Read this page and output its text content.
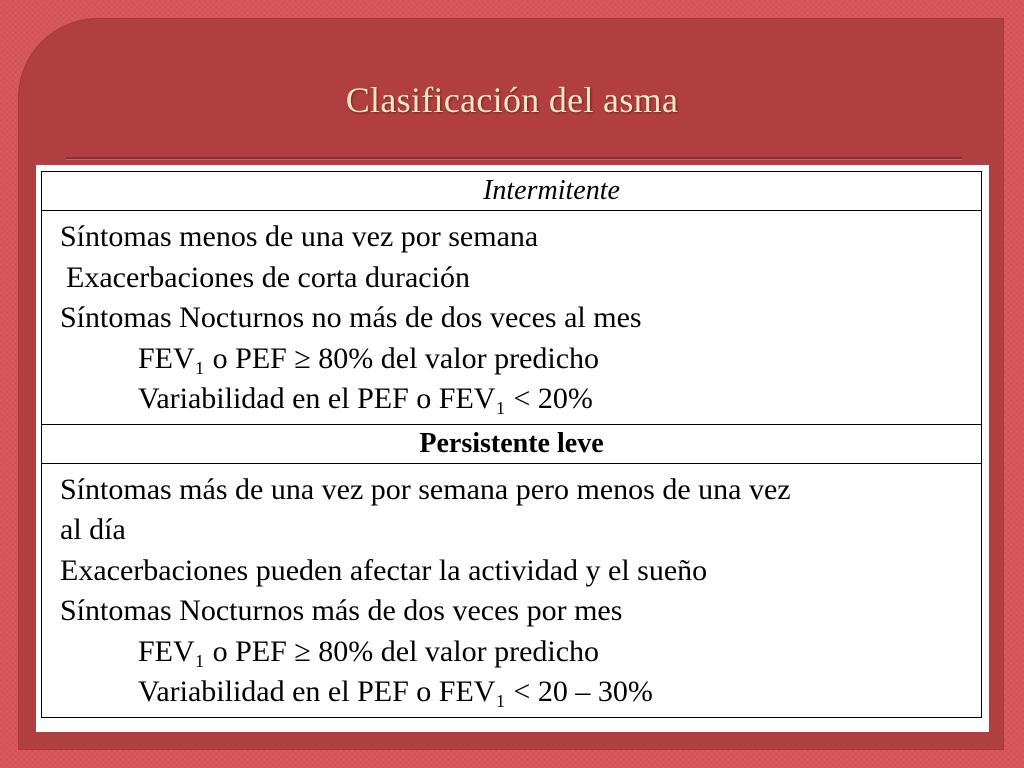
Clasificación del asma
Intermitente

Síntomas menos de una vez por semana
Exacerbaciones de corta duración
Síntomas Nocturnos no más de dos veces al mes
FEV₁ o PEF ≥ 80% del valor predicho
Variabilidad en el PEF o FEV₁ < 20%

Persistente leve

Síntomas más de una vez por semana pero menos de una vez
al día
Exacerbaciones pueden afectar la actividad y el sueño
Síntomas Nocturnos más de dos veces por mes
FEV₁ o PEF ≥ 80% del valor predicho
Variabilidad en el PEF o FEV₁ < 20 – 30%
